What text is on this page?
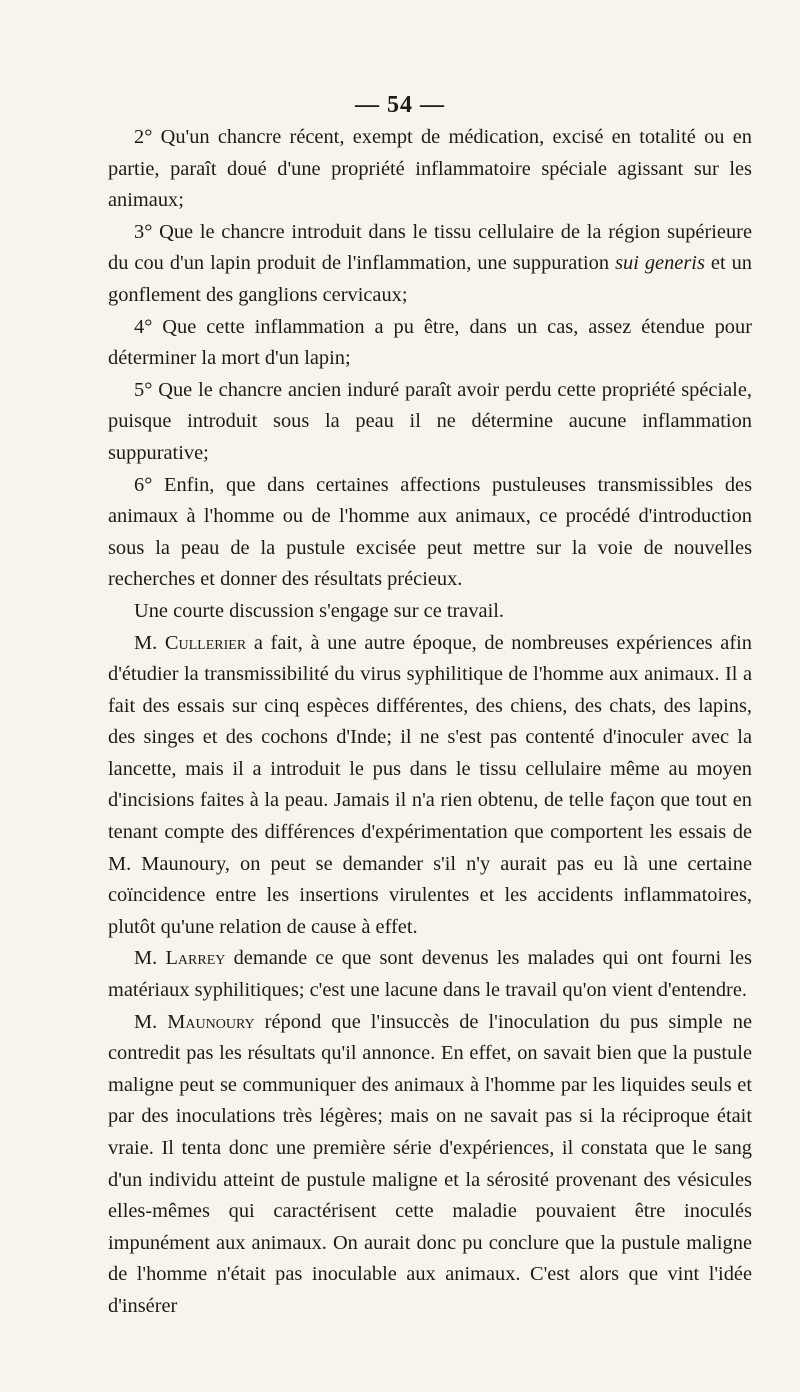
— 54 —

2° Qu'un chancre récent, exempt de médication, excisé en totalité ou en partie, paraît doué d'une propriété inflammatoire spéciale agissant sur les animaux;

3° Que le chancre introduit dans le tissu cellulaire de la région supérieure du cou d'un lapin produit de l'inflammation, une suppuration sui generis et un gonflement des ganglions cervicaux;

4° Que cette inflammation a pu être, dans un cas, assez étendue pour déterminer la mort d'un lapin;

5° Que le chancre ancien induré paraît avoir perdu cette propriété spéciale, puisque introduit sous la peau il ne détermine aucune inflammation suppurative;

6° Enfin, que dans certaines affections pustuleuses transmissibles des animaux à l'homme ou de l'homme aux animaux, ce procédé d'introduction sous la peau de la pustule excisée peut mettre sur la voie de nouvelles recherches et donner des résultats précieux.

Une courte discussion s'engage sur ce travail.

M. Cullerier a fait, à une autre époque, de nombreuses expériences afin d'étudier la transmissibilité du virus syphilitique de l'homme aux animaux. Il a fait des essais sur cinq espèces différentes, des chiens, des chats, des lapins, des singes et des cochons d'Inde; il ne s'est pas contenté d'inoculer avec la lancette, mais il a introduit le pus dans le tissu cellulaire même au moyen d'incisions faites à la peau. Jamais il n'a rien obtenu, de telle façon que tout en tenant compte des différences d'expérimentation que comportent les essais de M. Maunoury, on peut se demander s'il n'y aurait pas eu là une certaine coïncidence entre les insertions virulentes et les accidents inflammatoires, plutôt qu'une relation de cause à effet.

M. Larrey demande ce que sont devenus les malades qui ont fourni les matériaux syphilitiques; c'est une lacune dans le travail qu'on vient d'entendre.

M. Maunoury répond que l'insuccès de l'inoculation du pus simple ne contredit pas les résultats qu'il annonce. En effet, on savait bien que la pustule maligne peut se communiquer des animaux à l'homme par les liquides seuls et par des inoculations très légères; mais on ne savait pas si la réciproque était vraie. Il tenta donc une première série d'expériences, il constata que le sang d'un individu atteint de pustule maligne et la sérosité provenant des vésicules elles-mêmes qui caractérisent cette maladie pouvaient être inoculés impunément aux animaux. On aurait donc pu conclure que la pustule maligne de l'homme n'était pas inoculable aux animaux. C'est alors que vint l'idée d'insérer
